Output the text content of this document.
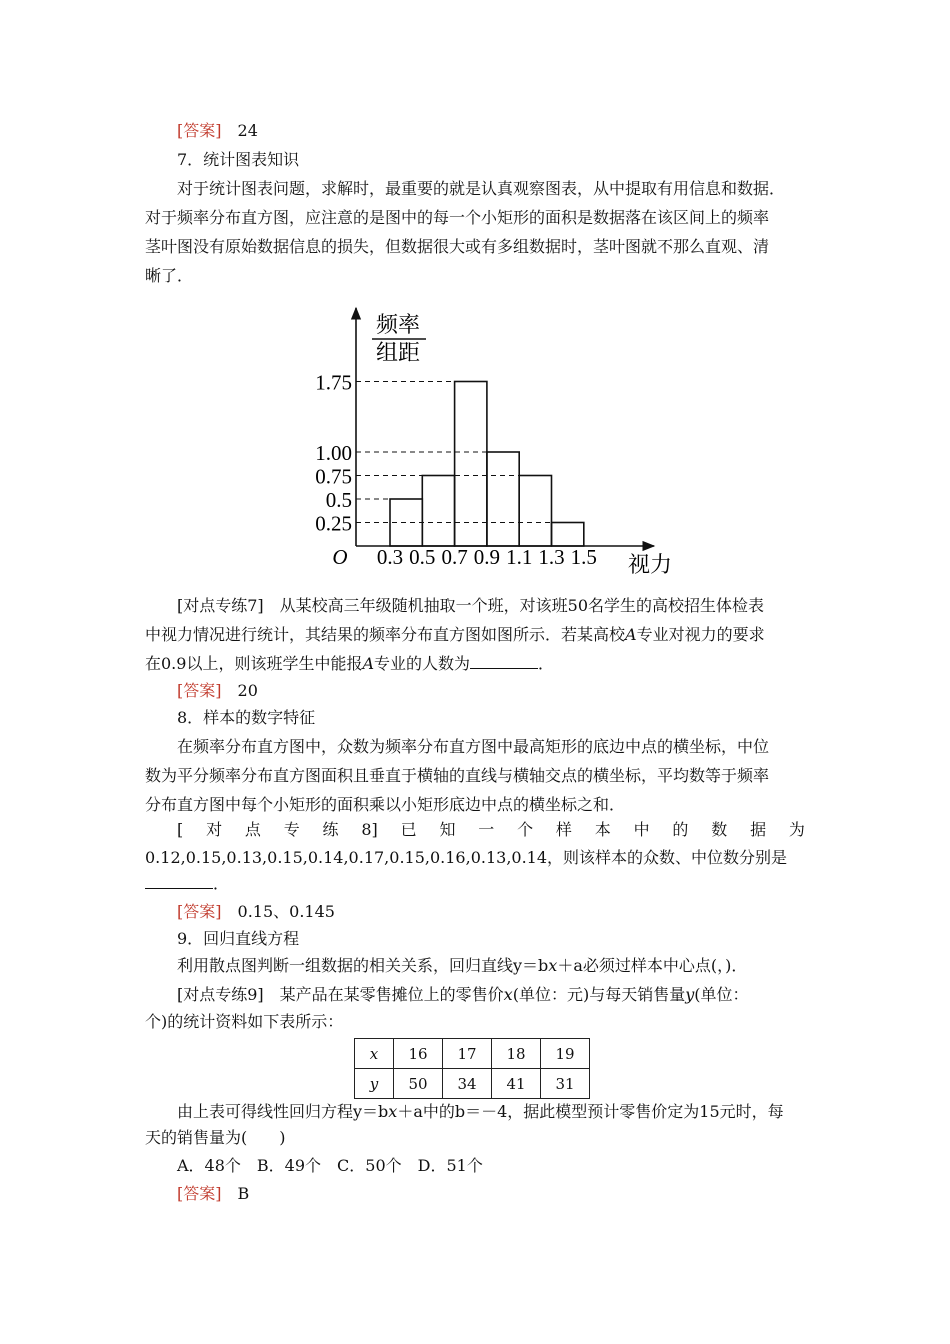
[答案]　 24
7．统计图表知识
对于统计图表问题，求解时，最重要的就是认真观察图表，从中提取有用信息和数据．
对于频率分布直方图，应注意的是图中的每一个小矩形的面积是数据落在该区间上的频率
茎叶图没有原始数据信息的损失，但数据很大或有多组数据时，茎叶图就不那么直观、清
晰了．
0.25
0.5
0.75
1.00
1.75
0.3 0.5 0.7 0.9 1.1 1.3 1.5
频率
组距
O	视力
[对点专练7]　从某校高三年级随机抽取一个班，对该班50名学生的高校招生体检表
中视力情况进行统计，其结果的频率分布直方图如图所示．若某高校A专业对视力的要求
在0.9以上，则该班学生中能报A专业的人数为	．
[答案]　 20
8．样本的数字特征
在频率分布直方图中，众数为频率分布直方图中最高矩形的底边中点的横坐标，中位
数为平分频率分布直方图面积且垂直于横轴的直线与横轴交点的横坐标，平均数等于频率
分布直方图中每个小矩形的面积乘以小矩形底边中点的横坐标之和．
[ 对 点 专 练 8] 已 知 一 个 样 本 中 的 数 据 为
0.12,0.15,0.13,0.15,0.14,0.17,0.15,0.16,0.13,0.14，则该样本的众数、中位数分别是
．
[答案]　 0.15、0.145
9．回归直线方程
利用散点图判断一组数据的相关关系，回归直线y＝bx＋a必须过样本中心点(，)．
[对点专练9]　某产品在某零售摊位上的零售价x(单位：元)与每天销售量y(单位：
个)的统计资料如下表所示：
x	16	17	18	19
y	50	34	41	31
由上表可得线性回归方程y＝bx＋a中的b＝－4，据此模型预计零售价定为15元时，每
天的销售量为(　　)
A．48个　B．49个　C．50个　D．51个
[答案]　 B
